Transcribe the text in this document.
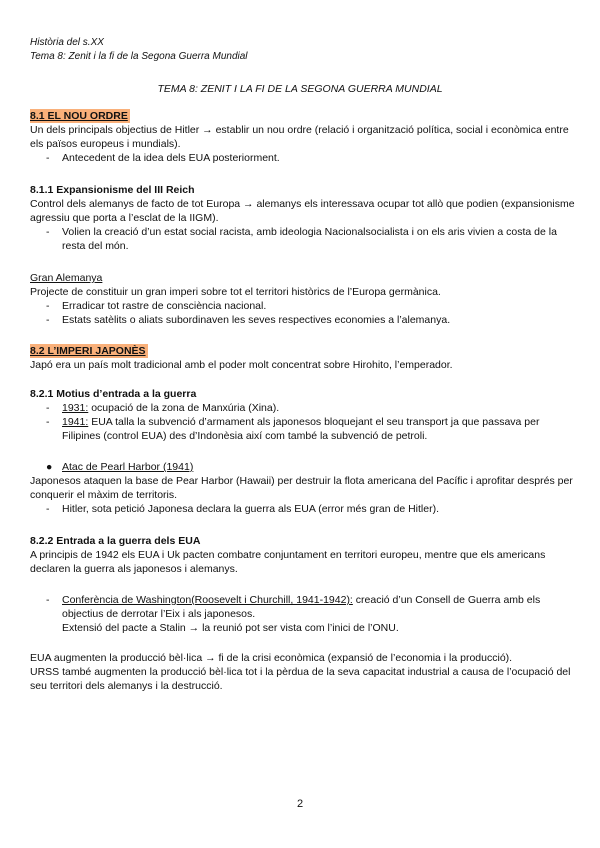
Història del s.XX
Tema 8: Zenit i la fi de la Segona Guerra Mundial
TEMA 8: ZENIT I LA FI DE LA SEGONA GUERRA MUNDIAL
8.1 EL NOU ORDRE
Un dels principals objectius de Hitler → establir un nou ordre (relació i organització política, social i econòmica entre els països europeus i mundials).
- Antecedent de la idea dels EUA posteriorment.
8.1.1 Expansionisme del III Reich
Control dels alemanys de facto de tot Europa → alemanys els interessava ocupar tot allò que podien (expansionisme agressiu que porta a l’esclat de la IIGM).
- Volien la creació d’un estat social racista, amb ideologia Nacionalsocialista i on els aris vivien a costa de la resta del món.
Gran Alemanya
Projecte de constituir un gran imperi sobre tot el territori històrics de l’Europa germànica.
- Erradicar tot rastre de consciència nacional.
- Estats satèlits o aliats subordinaven les seves respectives economies a l’alemanya.
8.2 L’IMPERI JAPONÈS
Japó era un país molt tradicional amb el poder molt concentrat sobre Hirohito, l’emperador.
8.2.1 Motius d’entrada a la guerra
- 1931: ocupació de la zona de Manxúria (Xina).
- 1941: EUA talla la subvenció d’armament als japonesos bloquejant el seu transport ja que passava per Filipines (control EUA) des d’Indonèsia així com també la subvenció de petroli.
● Atac de Pearl Harbor (1941)
Japonesos ataquen la base de Pear Harbor (Hawaii) per destruir la flota americana del Pacífic i aprofitar després per conquerir el màxim de territoris.
- Hitler, sota petició Japonesa declara la guerra als EUA (error més gran de Hitler).
8.2.2 Entrada a la guerra dels EUA
A principis de 1942 els EUA i Uk pacten combatre conjuntament en territori europeu, mentre que els americans declaren la guerra als japonesos i alemanys.
- Conferència de Washington(Roosevelt i Churchill, 1941-1942): creació d’un Consell de Guerra amb els objectius de derrotar l’Eix i als japonesos.
Extensió del pacte a Stalin → la reunió pot ser vista com l’inici de l’ONU.
EUA augmenten la producció bèl·lica → fi de la crisi econòmica (expansió de l’economia i la producció).
URSS també augmenten la producció bèl·lica tot i la pèrdua de la seva capacitat industrial a causa de l’ocupació del seu territori dels alemanys i la destrucció.
2
